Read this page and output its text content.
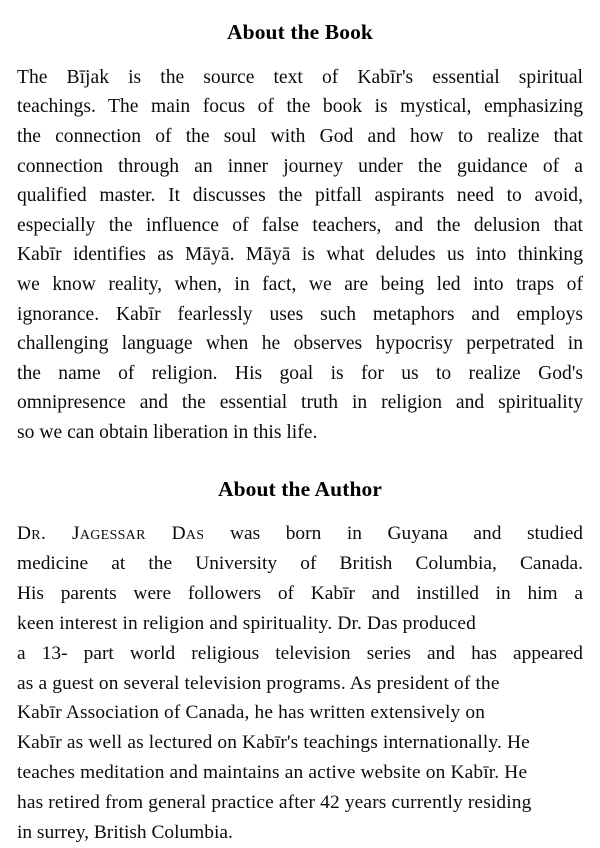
About the Book
The Bījak is the source text of Kabīr's essential spiritual
teachings. The main focus of the book is mystical, emphasizing
the connection of the soul with God and how to realize that
connection through an inner journey under the guidance of a
qualified master. It discusses the pitfall aspirants need to avoid,
especially the influence of false teachers, and the delusion that
Kabīr identifies as Māyā. Māyā is what deludes us into thinking
we know reality, when, in fact, we are being led into traps of
ignorance. Kabīr fearlessly uses such metaphors and employs
challenging language when he observes hypocrisy perpetrated in
the name of religion. His goal is for us to realize God's
omnipresence and the essential truth in religion and spirituality
so we can obtain liberation in this life.
About the Author
Dr. Jagessar Das was born in Guyana and studied
medicine at the University of British Columbia, Canada.
His parents were followers of Kabīr and instilled in him a
keen interest in religion and spirituality. Dr. Das produced
a 13- part world religious television series and has appeared
as a guest on several television programs. As president of the
Kabīr Association of Canada, he has written extensively on
Kabīr as well as lectured on Kabīr's teachings internationally. He
teaches meditation and maintains an active website on Kabīr. He
has retired from general practice after 42 years currently residing
in surrey, British Columbia.
